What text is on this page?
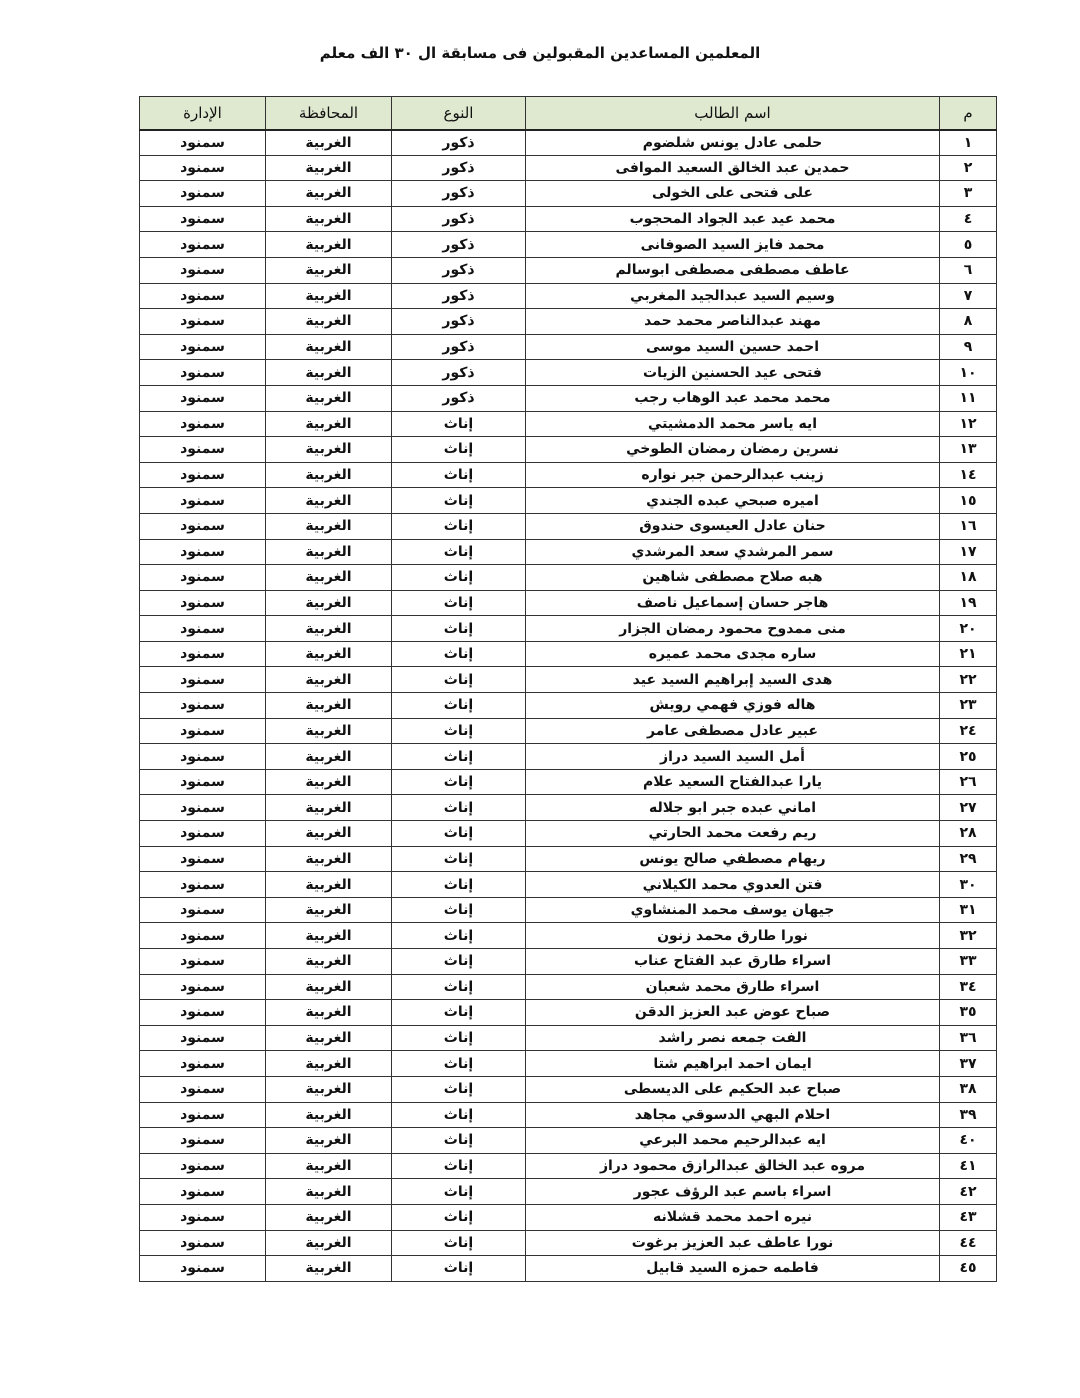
المعلمين المساعدين المقبولين فى مسابقة ال ٣٠ الف معلم
م	اسم الطالب	النوع	المحافظة	الإدارة
١	حلمى عادل يونس شلضوم	ذكور	الغربية	سمنود
٢	حمدين عبد الخالق السعيد الموافى	ذكور	الغربية	سمنود
٣	على فتحى على الخولى	ذكور	الغربية	سمنود
٤	محمد عيد عبد الجواد المحجوب	ذكور	الغربية	سمنود
٥	محمد فايز السيد الصوفانى	ذكور	الغربية	سمنود
٦	عاطف مصطفى مصطفى ابوسالم	ذكور	الغربية	سمنود
٧	وسيم السيد عبدالجيد المغربي	ذكور	الغربية	سمنود
٨	مهند عبدالناصر محمد حمد	ذكور	الغربية	سمنود
٩	احمد حسين السيد موسى	ذكور	الغربية	سمنود
١٠	فتحى عيد الحسنين الزيات	ذكور	الغربية	سمنود
١١	محمد محمد عبد الوهاب رجب	ذكور	الغربية	سمنود
١٢	ايه ياسر محمد الدمشيتي	إناث	الغربية	سمنود
١٣	نسرين رمضان رمضان الطوخي	إناث	الغربية	سمنود
١٤	زينب عبدالرحمن جبر نواره	إناث	الغربية	سمنود
١٥	اميره صبحي عبده الجندي	إناث	الغربية	سمنود
١٦	حنان عادل العيسوى حندوق	إناث	الغربية	سمنود
١٧	سمر المرشدي سعد المرشدي	إناث	الغربية	سمنود
١٨	هبه صلاح مصطفى شاهين	إناث	الغربية	سمنود
١٩	هاجر حسان إسماعيل ناصف	إناث	الغربية	سمنود
٢٠	منى ممدوح محمود رمضان الجزار	إناث	الغربية	سمنود
٢١	ساره مجدى محمد عميره	إناث	الغربية	سمنود
٢٢	هدى السيد إبراهيم السيد عيد	إناث	الغربية	سمنود
٢٣	هاله فوزي فهمي رويش	إناث	الغربية	سمنود
٢٤	عبير عادل مصطفى عامر	إناث	الغربية	سمنود
٢٥	أمل السيد السيد دراز	إناث	الغربية	سمنود
٢٦	يارا عبدالفتاح السعيد علام	إناث	الغربية	سمنود
٢٧	اماني عبده جبر ابو جلاله	إناث	الغربية	سمنود
٢٨	ريم رفعت محمد الحارتي	إناث	الغربية	سمنود
٢٩	ريهام مصطفي صالح يونس	إناث	الغربية	سمنود
٣٠	فتن العدوي محمد الكيلاني	إناث	الغربية	سمنود
٣١	جيهان يوسف محمد المنشاوي	إناث	الغربية	سمنود
٣٢	نورا طارق محمد زنون	إناث	الغربية	سمنود
٣٣	اسراء طارق عبد الفتاح عناب	إناث	الغربية	سمنود
٣٤	اسراء طارق محمد شعبان	إناث	الغربية	سمنود
٣٥	صباح عوض عبد العزيز الدقن	إناث	الغربية	سمنود
٣٦	الفت جمعه نصر راشد	إناث	الغربية	سمنود
٣٧	ايمان احمد ابراهيم شتا	إناث	الغربية	سمنود
٣٨	صباح عبد الحكيم على الديسطى	إناث	الغربية	سمنود
٣٩	احلام البهي الدسوقي مجاهد	إناث	الغربية	سمنود
٤٠	ايه عبدالرحيم محمد البرعي	إناث	الغربية	سمنود
٤١	مروه عبد الخالق عبدالرازق محمود دراز	إناث	الغربية	سمنود
٤٢	اسراء باسم عبد الرؤف عجور	إناث	الغربية	سمنود
٤٣	نيره احمد محمد قشلانه	إناث	الغربية	سمنود
٤٤	نورا عاطف عبد العزيز برغوت	إناث	الغربية	سمنود
٤٥	فاطمه حمزه السيد قابيل	إناث	الغربية	سمنود
